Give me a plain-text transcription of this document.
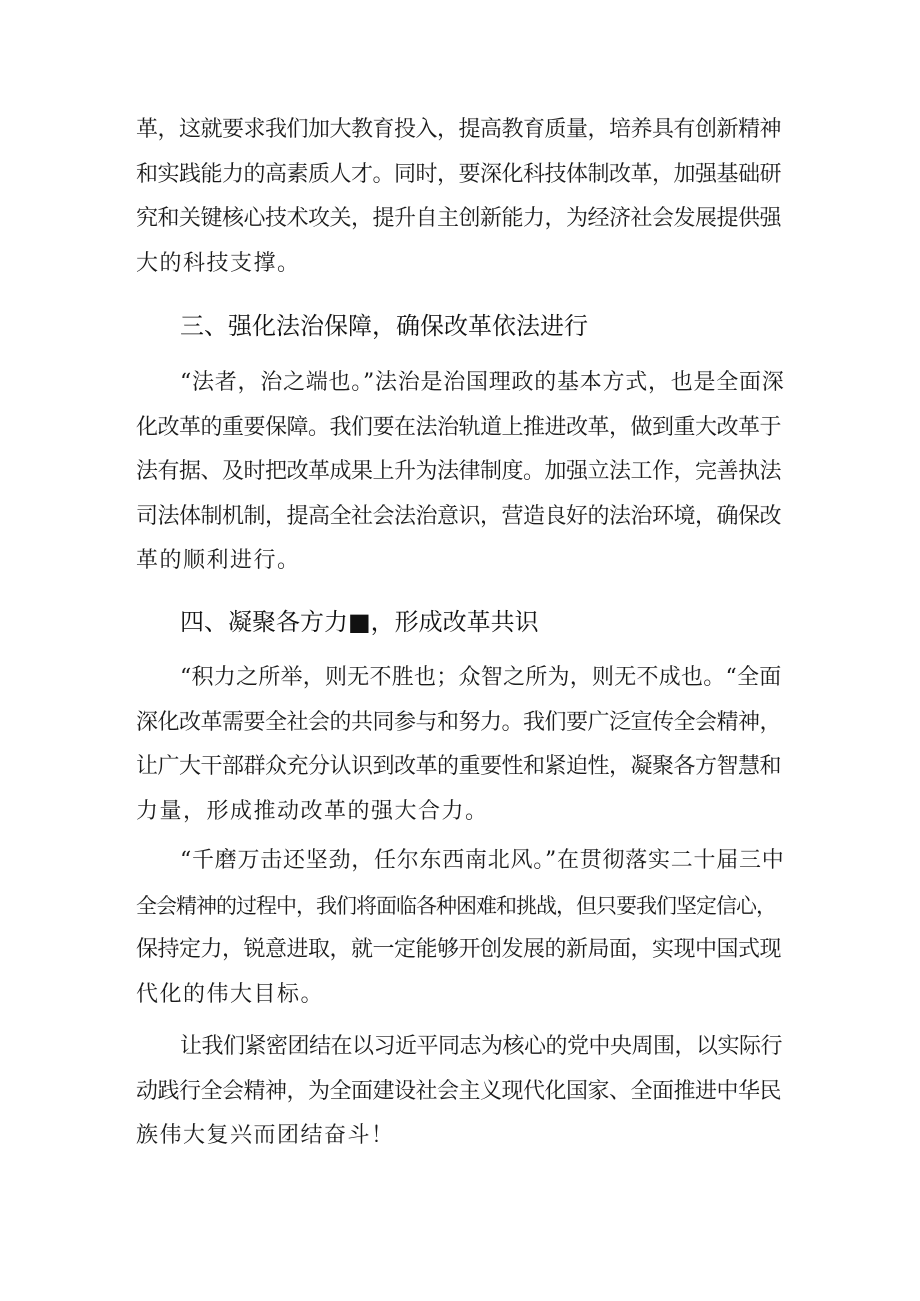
革，这就要求我们加大教育投入，提高教育质量，培养具有创新精神
和实践能力的高素质人才。同时，要深化科技体制改革，加强基础研
究和关键核心技术攻关，提升自主创新能力，为经济社会发展提供强
大的科技支撑。
三、强化法治保障，确保改革依法进行
“法者，治之端也。”法治是治国理政的基本方式，也是全面深
化改革的重要保障。我们要在法治轨道上推进改革，做到重大改革于
法有据、及时把改革成果上升为法律制度。加强立法工作，完善执法
司法体制机制，提高全社会法治意识，营造良好的法治环境，确保改
革的顺利进行。
四、凝聚各方力■，形成改革共识
“积力之所举，则无不胜也；众智之所为，则无不成也。“全面
深化改革需要全社会的共同参与和努力。我们要广泛宣传全会精神，
让广大干部群众充分认识到改革的重要性和紧迫性，凝聚各方智慧和
力量，形成推动改革的强大合力。
“千磨万击还坚劲，任尔东西南北风。”在贯彻落实二十届三中
全会精神的过程中，我们将面临各种困难和挑战，但只要我们坚定信心，
保持定力，锐意进取，就一定能够开创发展的新局面，实现中国式现
代化的伟大目标。
让我们紧密团结在以习近平同志为核心的党中央周围，以实际行
动践行全会精神，为全面建设社会主义现代化国家、全面推进中华民
族伟大复兴而团结奋斗！
